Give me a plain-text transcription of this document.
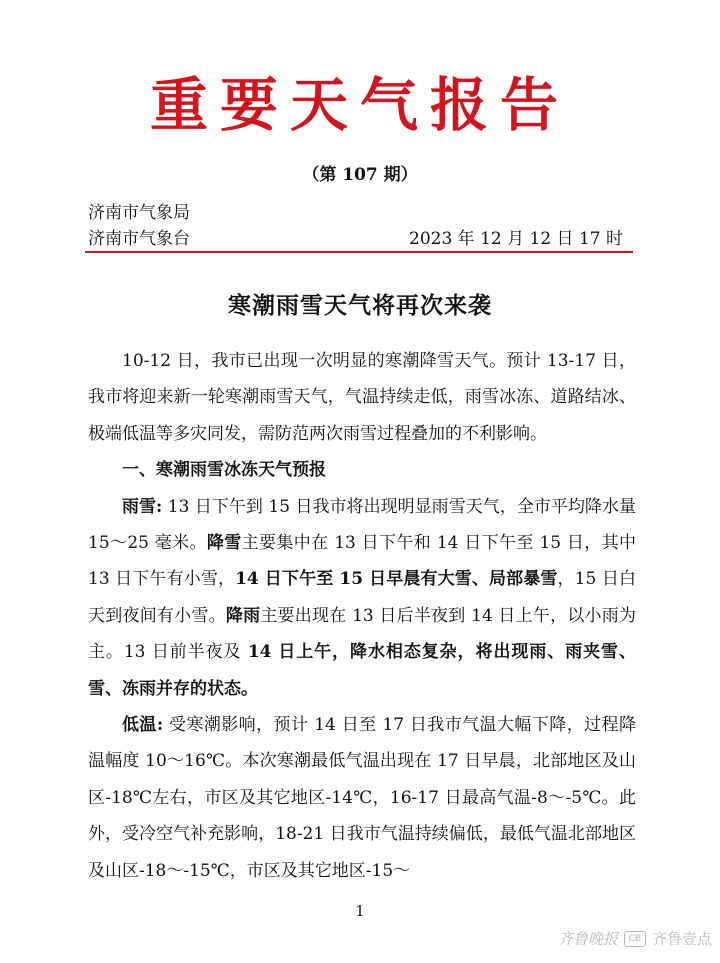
重要天气报告
（第 107 期）
济南市气象局
济南市气象台	2023 年 12 月 12 日 17 时
寒潮雨雪天气将再次来袭

10-12 日，我市已出现一次明显的寒潮降雪天气。预计 13-17 日，我市将迎来新一轮寒潮雨雪天气，气温持续走低，雨雪冰冻、道路结冰、极端低温等多灾同发，需防范两次雨雪过程叠加的不利影响。

一、寒潮雨雪冰冻天气预报

雨雪: 13 日下午到 15 日我市将出现明显雨雪天气，全市平均降水量 15～25 毫米。降雪主要集中在 13 日下午和 14 日下午至 15 日，其中 13 日下午有小雪，14 日下午至 15 日早晨有大雪、局部暴雪，15 日白天到夜间有小雪。降雨主要出现在 13 日后半夜到 14 日上午，以小雨为主。13 日前半夜及 14 日上午，降水相态复杂，将出现雨、雨夹雪、雪、冻雨并存的状态。

低温: 受寒潮影响，预计 14 日至 17 日我市气温大幅下降，过程降温幅度 10～16℃。本次寒潮最低气温出现在 17 日早晨，北部地区及山区-18℃左右，市区及其它地区-14℃，16-17 日最高气温-8～-5℃。此外，受冷空气补充影响，18-21 日我市气温持续偏低，最低气温北部地区及山区-18～-15℃，市区及其它地区-15～

1
齐鲁晚报	CB 齐鲁壹点
